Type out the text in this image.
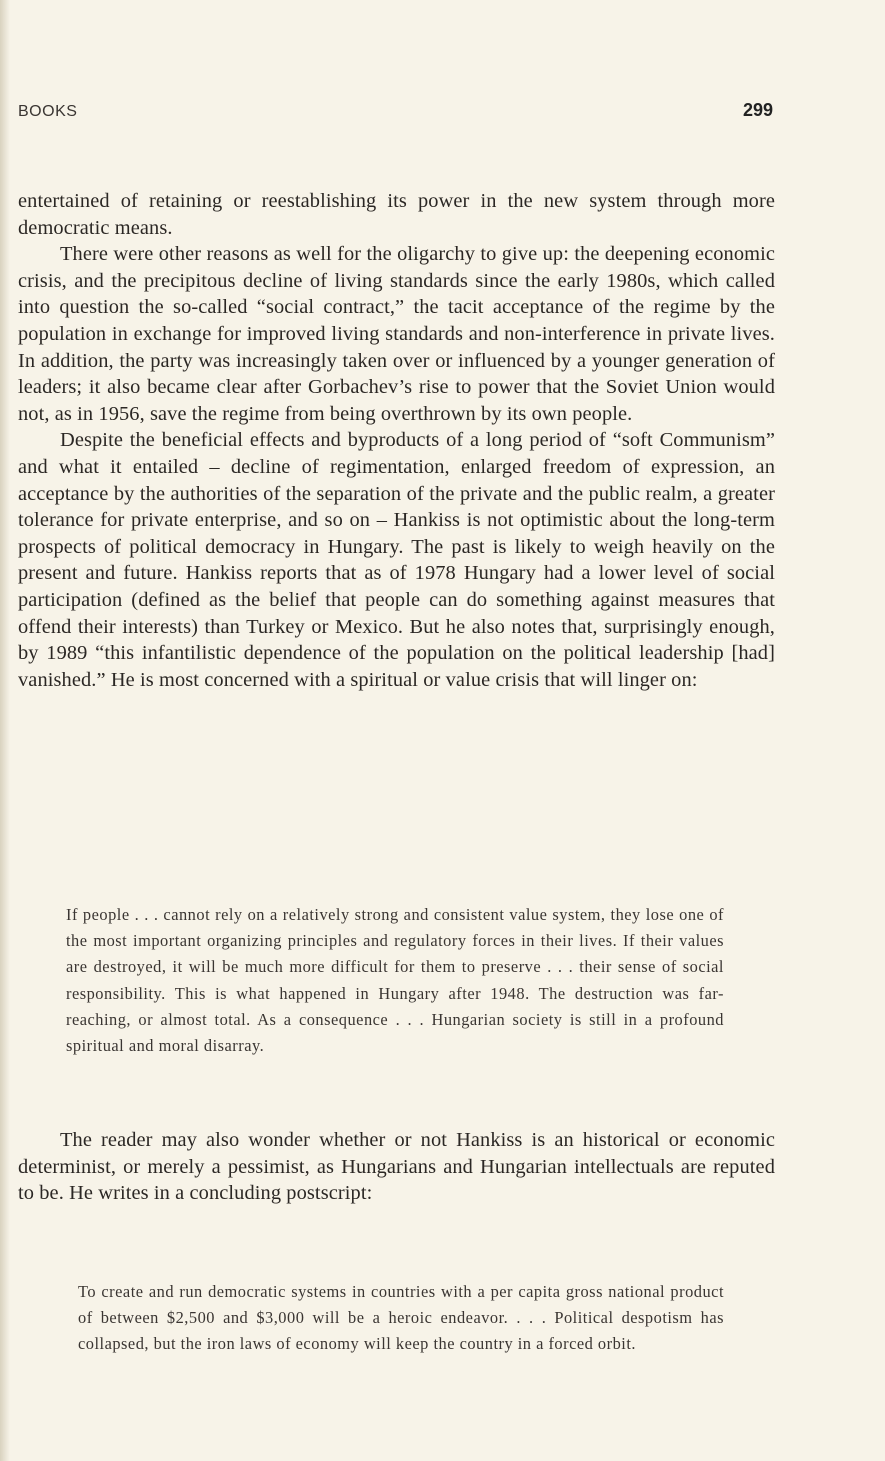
BOOKS	299

entertained of retaining or reestablishing its power in the new system through more democratic means.

There were other reasons as well for the oligarchy to give up: the deepening economic crisis, and the precipitous decline of living standards since the early 1980s, which called into question the so-called “social contract,” the tacit acceptance of the regime by the population in exchange for improved living standards and non-interference in private lives. In addition, the party was increasingly taken over or influenced by a younger generation of leaders; it also became clear after Gorbachev’s rise to power that the Soviet Union would not, as in 1956, save the regime from being overthrown by its own people.

Despite the beneficial effects and byproducts of a long period of “soft Communism” and what it entailed – decline of regimentation, enlarged freedom of expression, an acceptance by the authorities of the separation of the private and the public realm, a greater tolerance for private enterprise, and so on – Hankiss is not optimistic about the long-term prospects of political democracy in Hungary. The past is likely to weigh heavily on the present and future. Hankiss reports that as of 1978 Hungary had a lower level of social participation (defined as the belief that people can do something against measures that offend their interests) than Turkey or Mexico. But he also notes that, surprisingly enough, by 1989 “this infantilistic dependence of the population on the political leadership [had] vanished.” He is most concerned with a spiritual or value crisis that will linger on:

If people . . . cannot rely on a relatively strong and consistent value system, they lose one of the most important organizing principles and regulatory forces in their lives. If their values are destroyed, it will be much more difficult for them to preserve . . . their sense of social responsibility. This is what happened in Hungary after 1948. The destruction was far-reaching, or almost total. As a consequence . . . Hungarian society is still in a profound spiritual and moral disarray.

The reader may also wonder whether or not Hankiss is an historical or economic determinist, or merely a pessimist, as Hungarians and Hungarian intellectuals are reputed to be. He writes in a concluding postscript:

To create and run democratic systems in countries with a per capita gross national product of between $2,500 and $3,000 will be a heroic endeavor. . . . Political despotism has collapsed, but the iron laws of economy will keep the country in a forced orbit.
